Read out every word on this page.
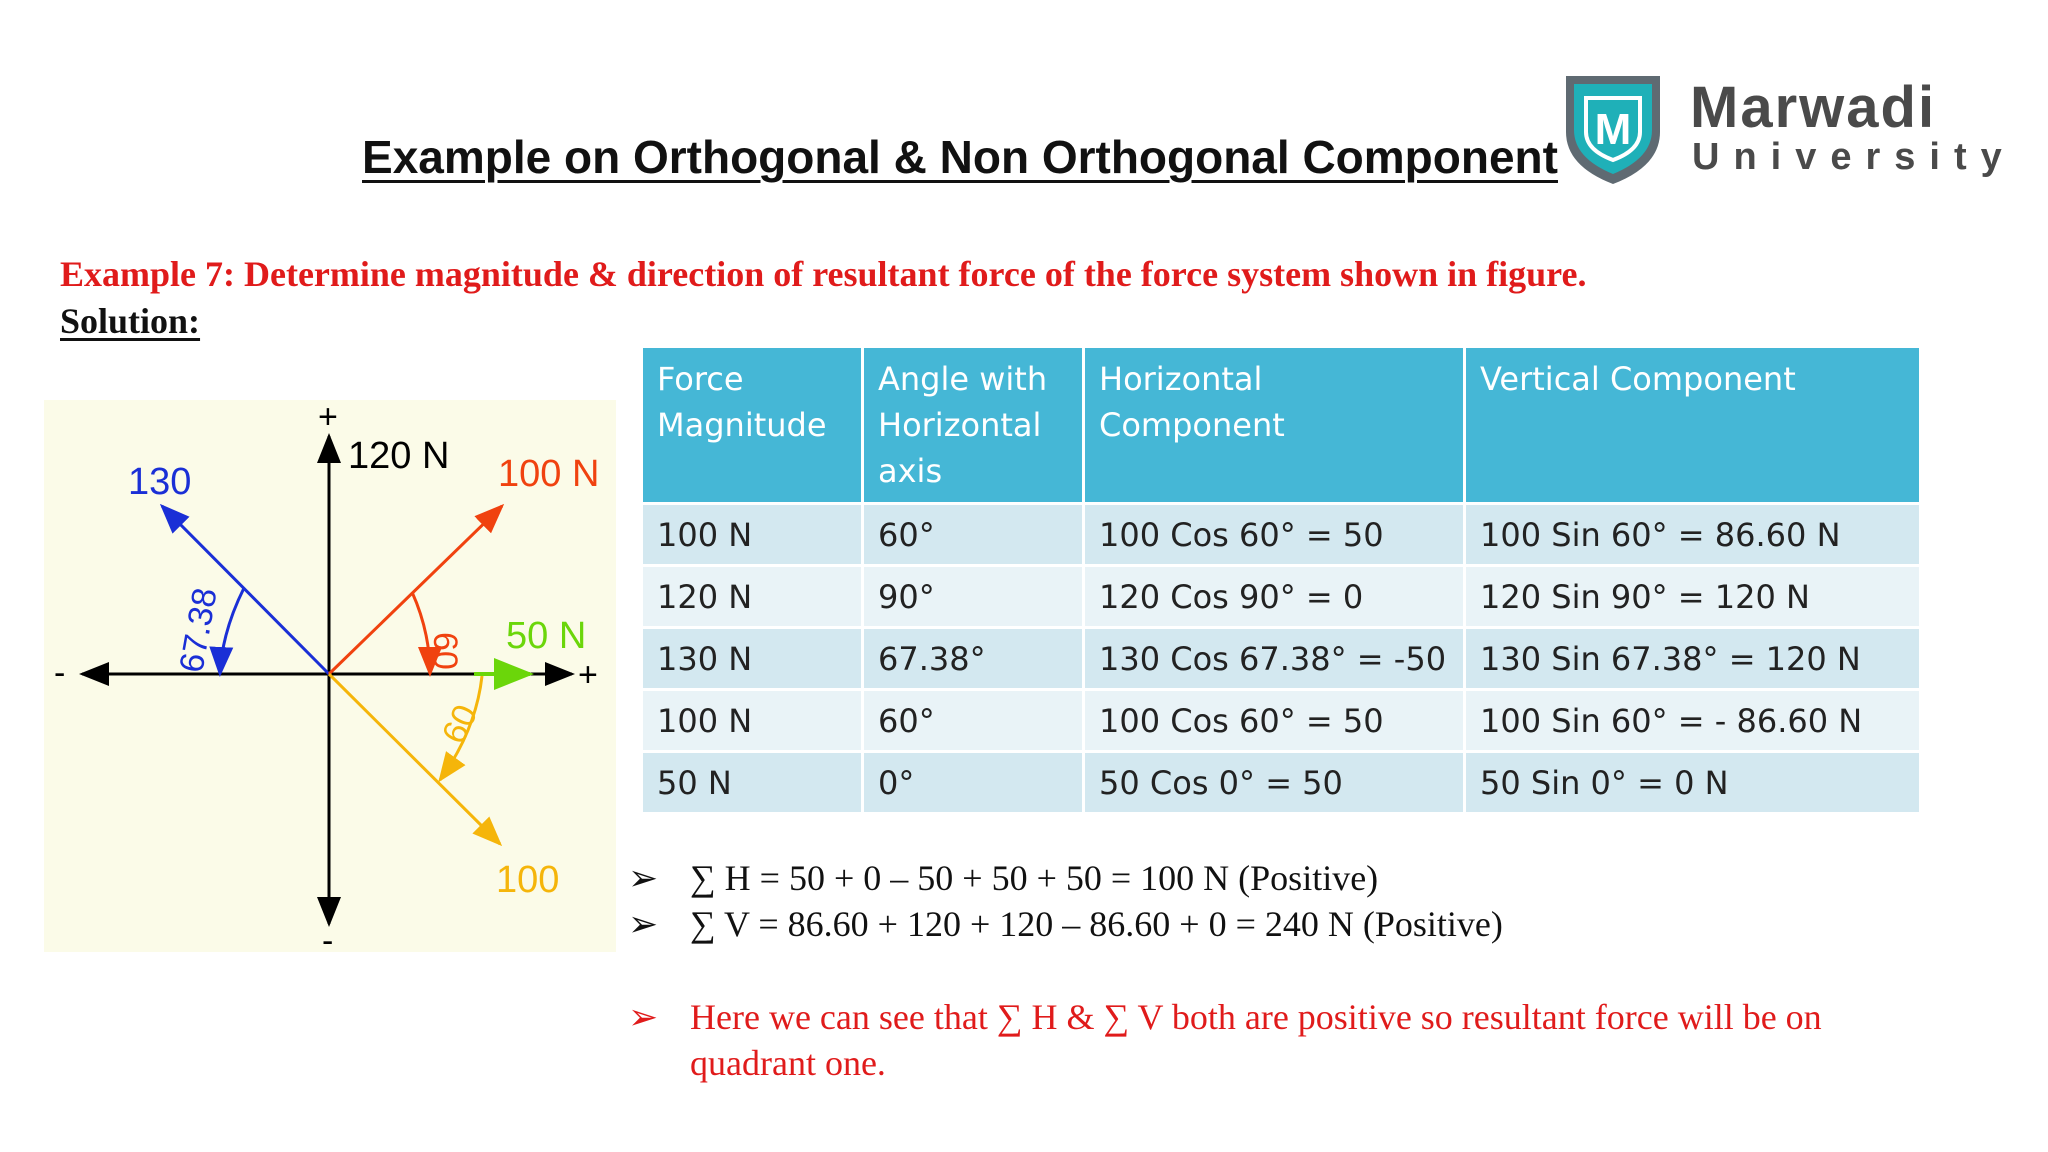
Example on Orthogonal & Non Orthogonal Component
M Marwadi
University
Example 7: Determine magnitude & direction of resultant force of the force system shown in figure.
Solution:
+
-
+
-
120 N 100 N
130
50 N
100
67.38	60
60
Force Magnitude	Angle with Horizontal axis	Horizontal Component	Vertical Component
100 N	60°	100 Cos 60° = 50	100 Sin 60° = 86.60 N
120 N	90°	120 Cos 90° = 0	120 Sin 90° = 120 N
130 N	67.38°	130 Cos 67.38° = -50	130 Sin 67.38° = 120 N
100 N	60°	100 Cos 60° = 50	100 Sin 60° = - 86.60 N
50 N	0°	50 Cos 0° = 50	50 Sin 0° = 0 N
➢ ∑ H = 50 + 0 – 50 + 50 + 50 = 100 N (Positive)
➢ ∑ V = 86.60 + 120 + 120 – 86.60 + 0 = 240 N (Positive)
➢ Here we can see that ∑ H & ∑ V both are positive so resultant force will be on quadrant one.
